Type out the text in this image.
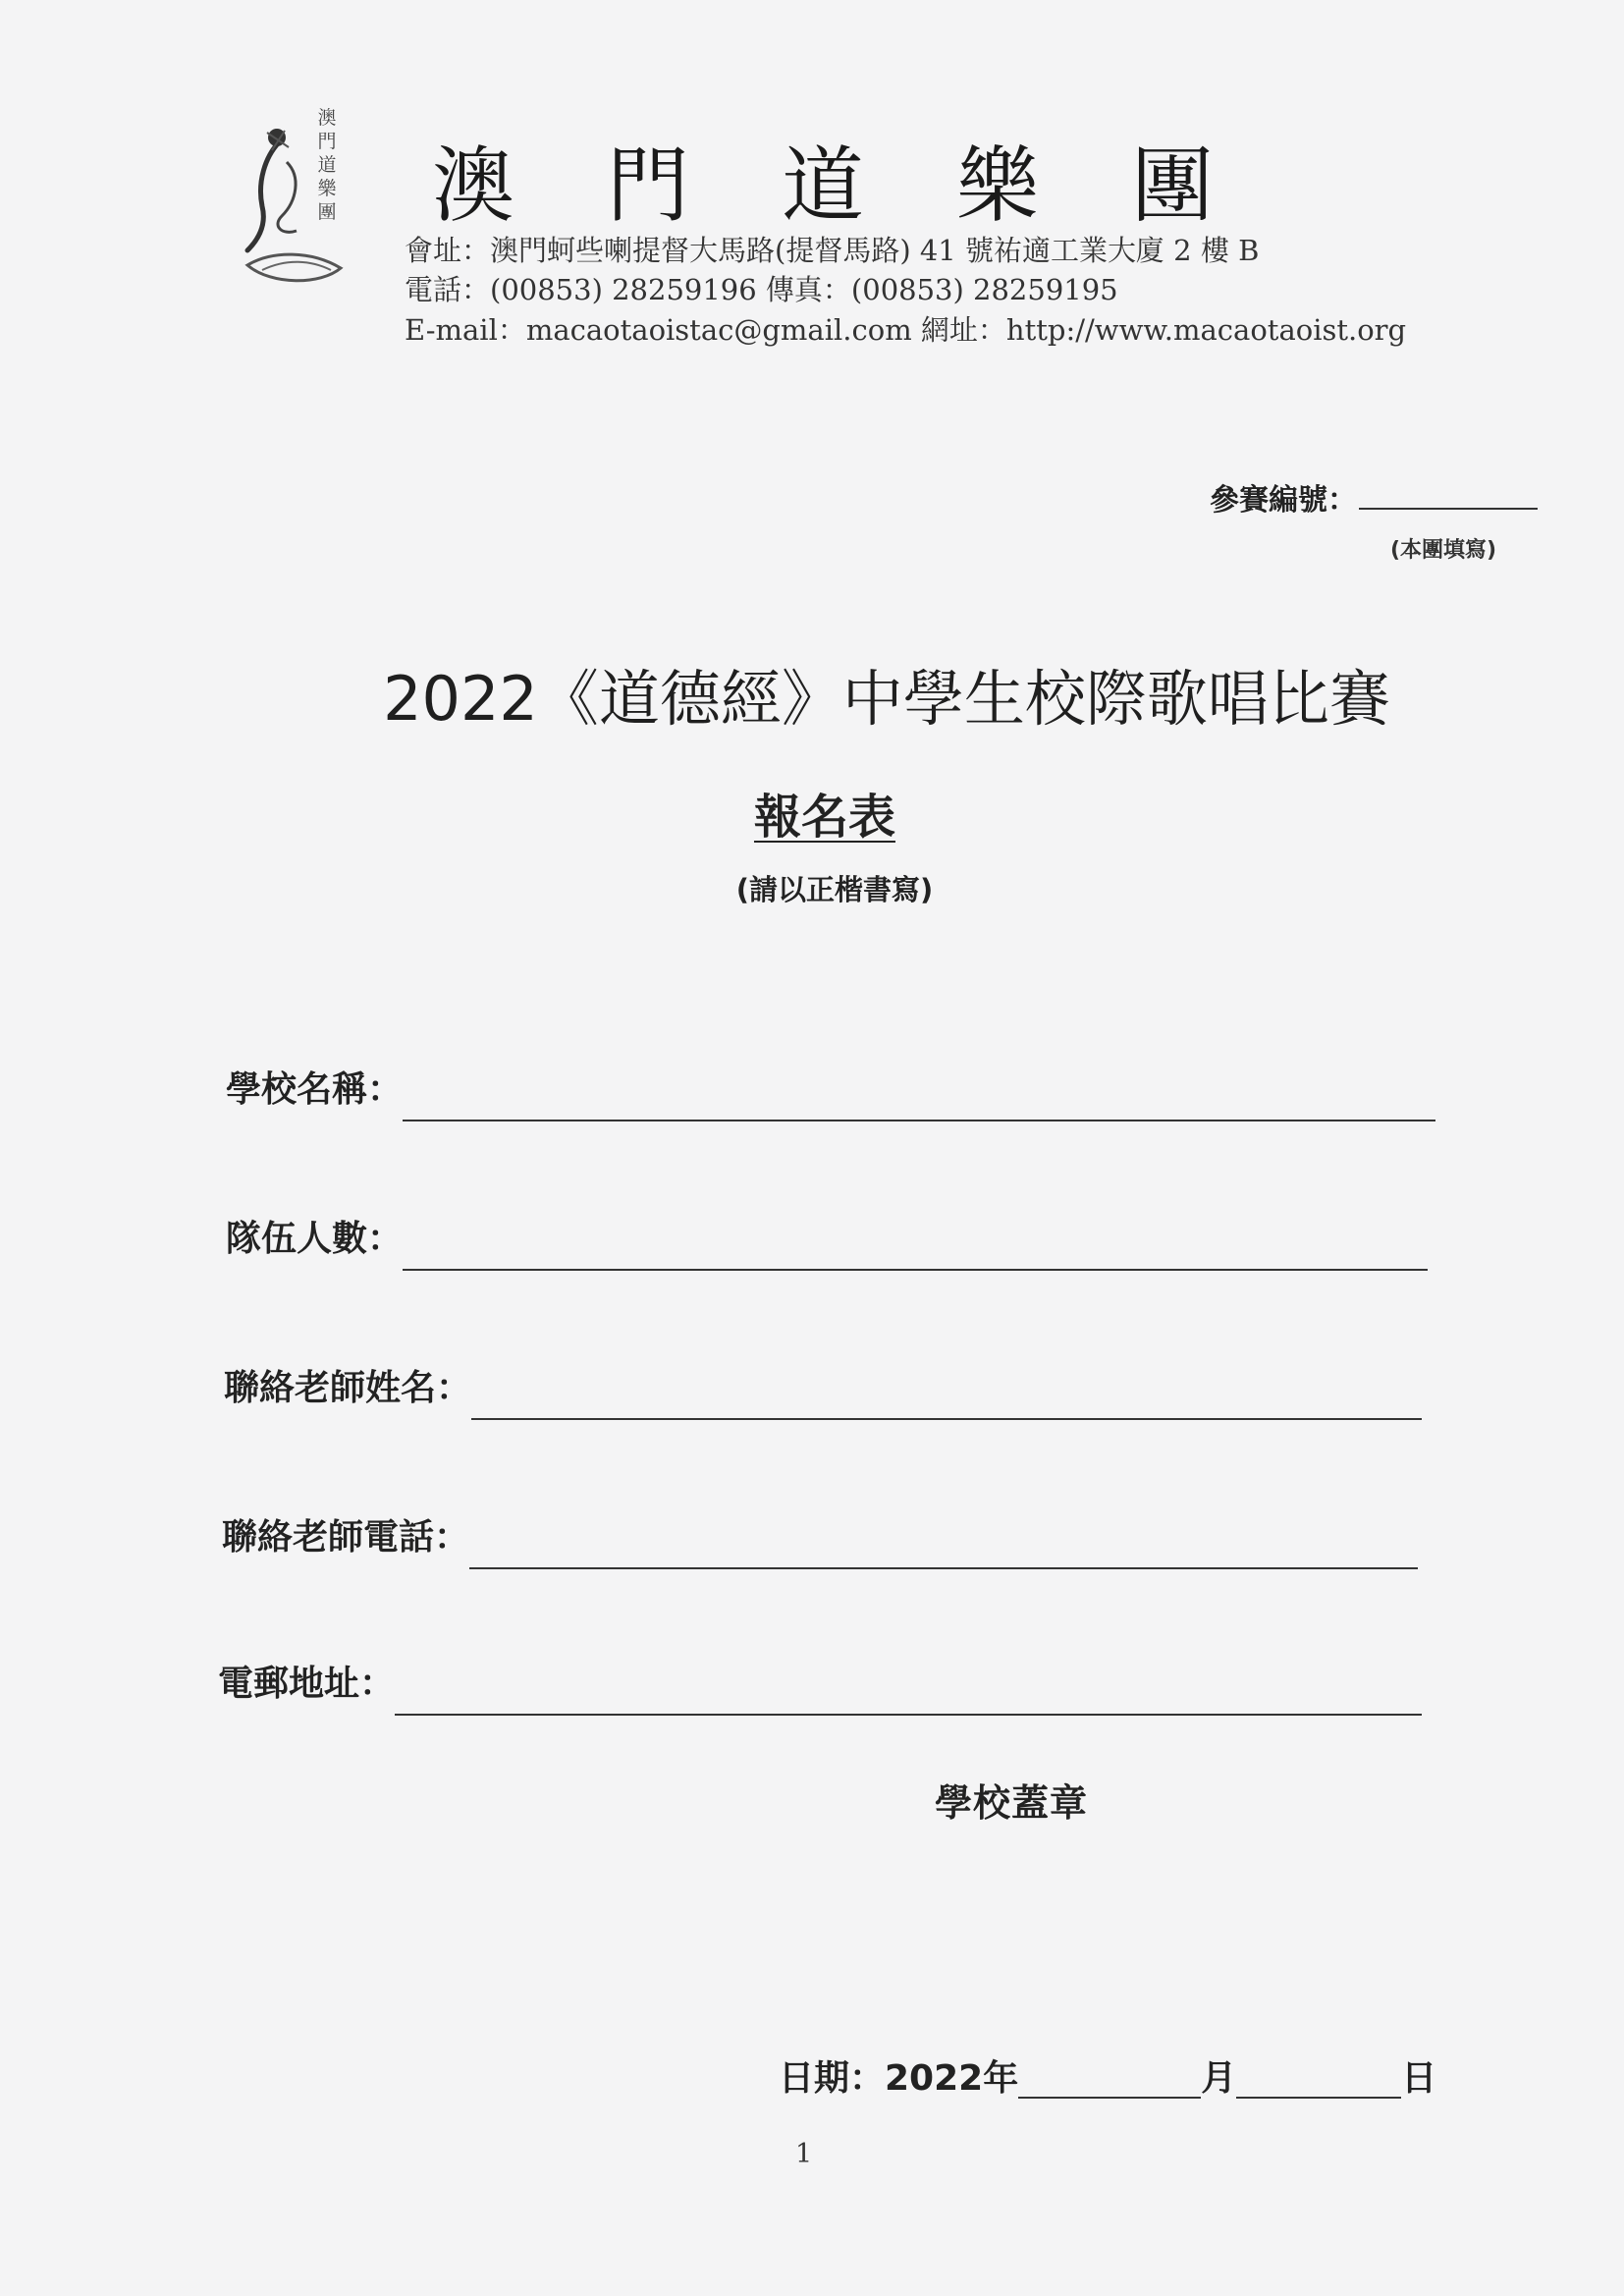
澳門道樂團 澳 門 道 樂 團
會址：澳門蚵些喇提督大馬路(提督馬路) 41 號祐適工業大廈 2 樓 B
電話：(00853) 28259196 傳真：(00853) 28259195
E-mail：macaotaoistac@gmail.com 網址：http://www.macaotaoist.org
參賽編號：
(本團填寫)
2022《道德經》中學生校際歌唱比賽
報名表
(請以正楷書寫)
學校名稱：
隊伍人數：
聯絡老師姓名：
聯絡老師電話：
電郵地址：
學校蓋章
日期：2022年	月	日
1
